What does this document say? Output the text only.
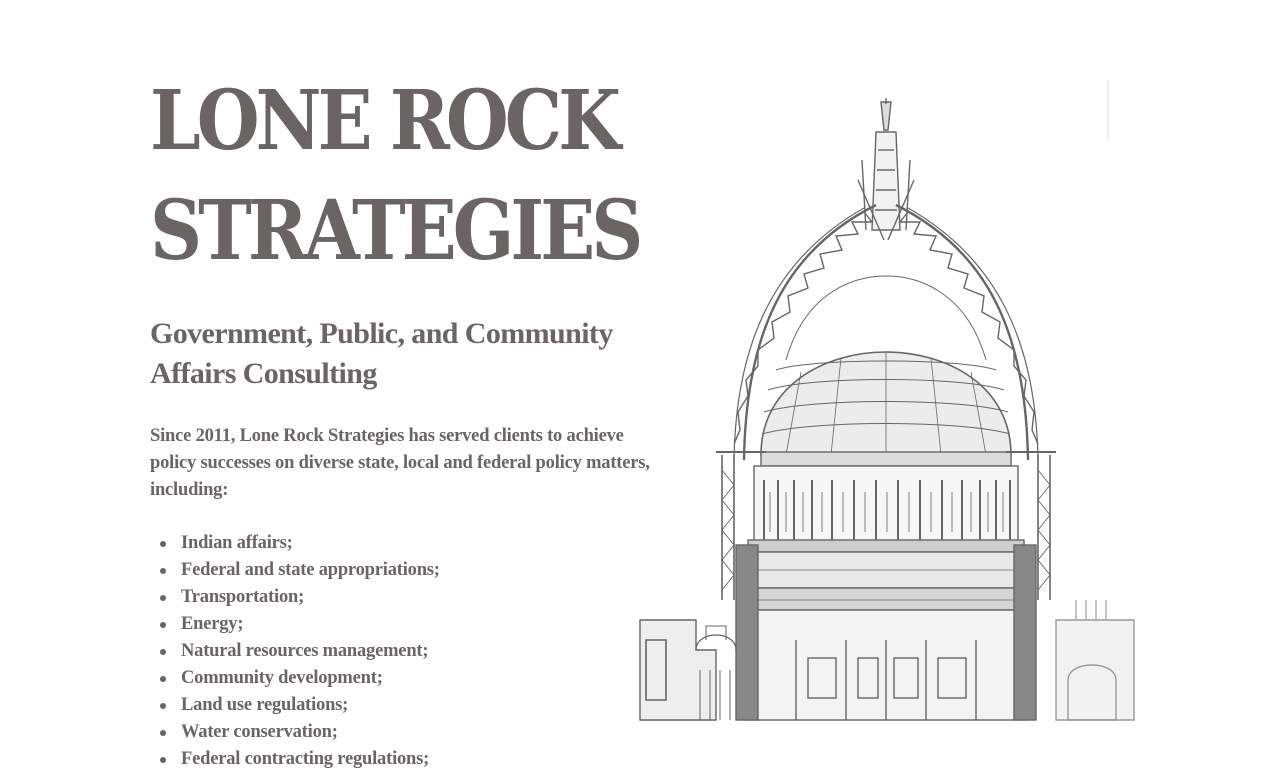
LONE ROCK
STRATEGIES
Government, Public, and Community Affairs Consulting

Since 2011, Lone Rock Strategies has served clients to achieve policy successes on diverse state, local and federal policy matters, including:

Indian affairs;
Federal and state appropriations;
Transportation;
Energy;
Natural resources management;
Community development;
Land use regulations;
Water conservation;
Federal contracting regulations;
